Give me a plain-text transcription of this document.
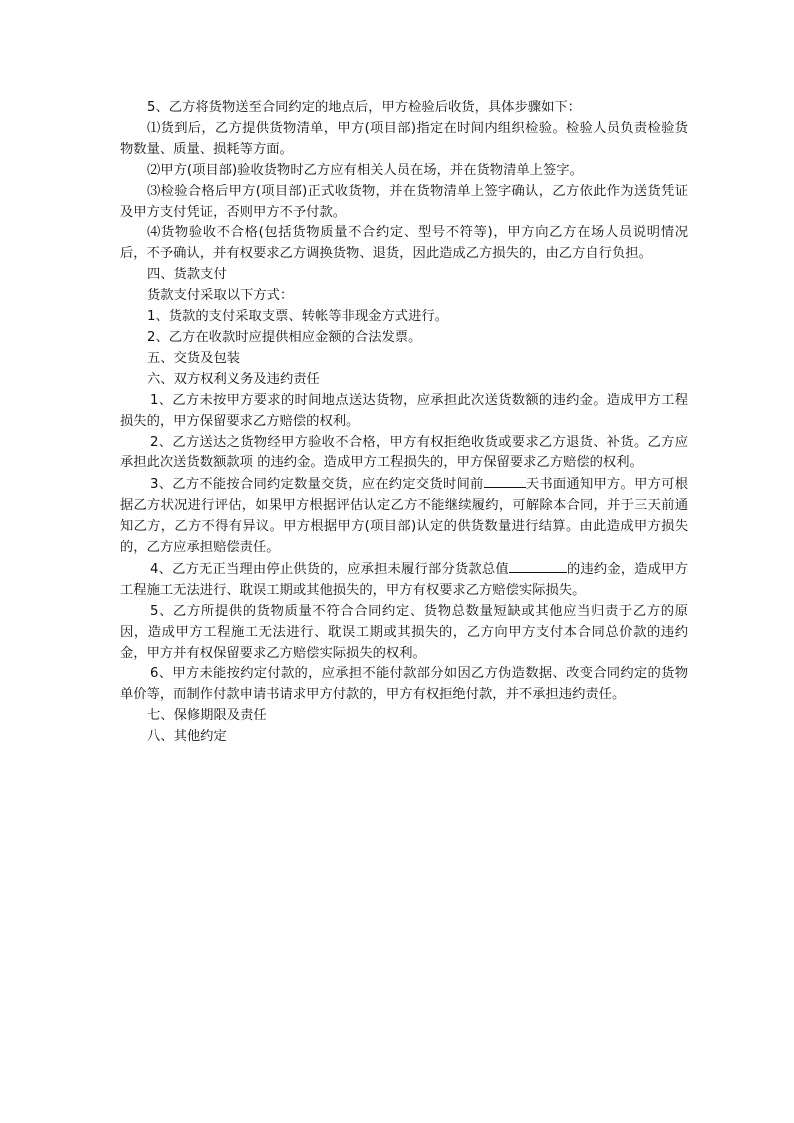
5、乙方将货物送至合同约定的地点后，甲方检验后收货，具体步骤如下：

⑴货到后，乙方提供货物清单，甲方(项目部)指定在时间内组织检验。检验人员负责检验货物数量、质量、损耗等方面。

⑵甲方(项目部)验收货物时乙方应有相关人员在场，并在货物清单上签字。

⑶检验合格后甲方(项目部)正式收货物，并在货物清单上签字确认，乙方依此作为送货凭证及甲方支付凭证，否则甲方不予付款。

⑷货物验收不合格(包括货物质量不合约定、型号不符等)，甲方向乙方在场人员说明情况后，不予确认，并有权要求乙方调换货物、退货，因此造成乙方损失的，由乙方自行负担。

四、货款支付

货款支付采取以下方式：

1、货款的支付采取支票、转帐等非现金方式进行。

2、乙方在收款时应提供相应金额的合法发票。

五、交货及包装

六、双方权利义务及违约责任

1、乙方未按甲方要求的时间地点送达货物，应承担此次送货数额的违约金。造成甲方工程损失的，甲方保留要求乙方赔偿的权利。

2、乙方送达之货物经甲方验收不合格，甲方有权拒绝收货或要求乙方退货、补货。乙方应承担此次送货数额款项 的违约金。造成甲方工程损失的，甲方保留要求乙方赔偿的权利。

3、乙方不能按合同约定数量交货，应在约定交货时间前	天书面通知甲方。甲方可根据乙方状况进行评估，如果甲方根据评估认定乙方不能继续履约，可解除本合同，并于三天前通知乙方，乙方不得有异议。甲方根据甲方(项目部)认定的供货数量进行结算。由此造成甲方损失的，乙方应承担赔偿责任。

4、乙方无正当理由停止供货的，应承担未履行部分货款总值	的违约金，造成甲方工程施工无法进行、耽误工期或其他损失的，甲方有权要求乙方赔偿实际损失。

5、乙方所提供的货物质量不符合合同约定、货物总数量短缺或其他应当归责于乙方的原因，造成甲方工程施工无法进行、耽误工期或其损失的，乙方向甲方支付本合同总价款的违约金，甲方并有权保留要求乙方赔偿实际损失的权利。

6、甲方未能按约定付款的，应承担不能付款部分如因乙方伪造数据、改变合同约定的货物单价等，而制作付款申请书请求甲方付款的，甲方有权拒绝付款，并不承担违约责任。

七、保修期限及责任

八、其他约定
